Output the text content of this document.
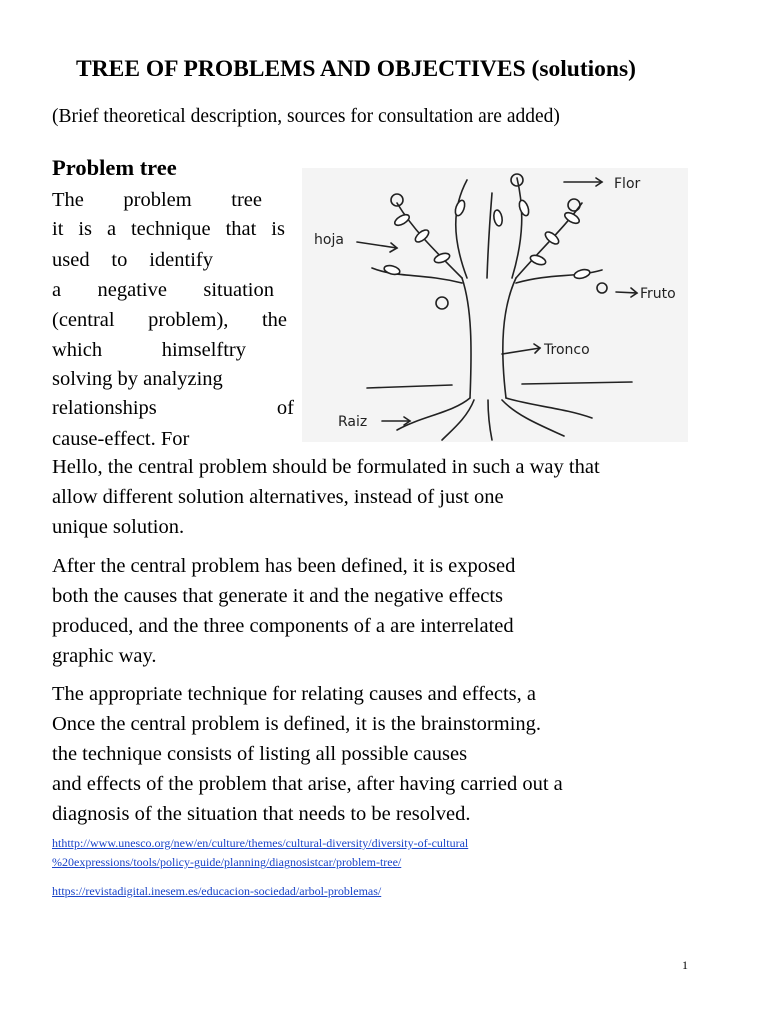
TREE OF PROBLEMS AND OBJECTIVES (solutions)

(Brief theoretical description, sources for consultation are added)

Problem tree
The problem tree
it is a technique that is
used to identify
a negative situation
(central problem), the
which	himselftry
solving by analyzing
relationships	of
cause-effect. For
Flor
hoja
Fruto
Tronco
Raiz
Hello, the central problem should be formulated in such a way that
allow different solution alternatives, instead of just one
unique solution.
After the central problem has been defined, it is exposed
both the causes that generate it and the negative effects
produced, and the three components of a are interrelated
graphic way.
The appropriate technique for relating causes and effects, a
Once the central problem is defined, it is the brainstorming.
the technique consists of listing all possible causes
and effects of the problem that arise, after having carried out a
diagnosis of the situation that needs to be resolved.
hthttp://www.unesco.org/new/en/culture/themes/cultural-diversity/diversity-of-cultural
%20expressions/tools/policy-guide/planning/diagnosistcar/problem-tree/
https://revistadigital.inesem.es/educacion-sociedad/arbol-problemas/
1
